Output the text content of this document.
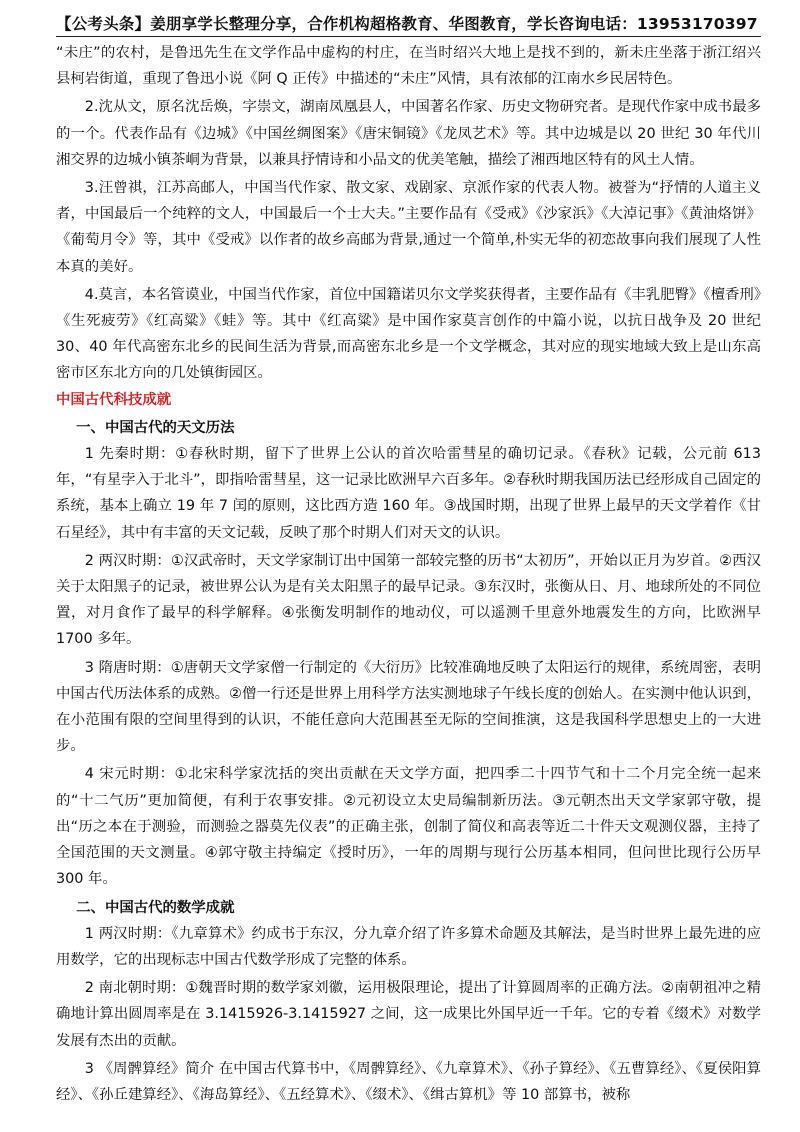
【公考头条】姜朋享学长整理分享，合作机构超格教育、华图教育，学长咨询电话：13953170397

“未庄”的农村，是鲁迅先生在文学作品中虚构的村庄，在当时绍兴大地上是找不到的，新未庄坐落于浙江绍兴县柯岩街道，重现了鲁迅小说《阿 Q 正传》中描述的“未庄”风情，具有浓郁的江南水乡民居特色。

2.沈从文，原名沈岳焕，字崇文，湖南凤凰县人，中国著名作家、历史文物研究者。是现代作家中成书最多的一个。代表作品有《边城》《中国丝绸图案》《唐宋铜镜》《龙凤艺术》等。其中边城是以 20 世纪 30 年代川湘交界的边城小镇茶峒为背景，以兼具抒情诗和小品文的优美笔触，描绘了湘西地区特有的风土人情。

3.汪曾祺，江苏高邮人，中国当代作家、散文家、戏剧家、京派作家的代表人物。被誉为“抒情的人道主义者，中国最后一个纯粹的文人，中国最后一个士大夫。”主要作品有《受戒》《沙家浜》《大淖记事》《黄油烙饼》《葡萄月令》等，其中《受戒》以作者的故乡高邮为背景,通过一个简单,朴实无华的初恋故事向我们展现了人性本真的美好。

4.莫言，本名管谟业，中国当代作家，首位中国籍诺贝尔文学奖获得者，主要作品有《丰乳肥臀》《檀香刑》《生死疲劳》《红高粱》《蛙》等。其中《红高粱》是中国作家莫言创作的中篇小说，以抗日战争及 20 世纪 30、40 年代高密东北乡的民间生活为背景,而高密东北乡是一个文学概念，其对应的现实地域大致上是山东高密市区东北方向的几处镇街园区。

中国古代科技成就

一、中国古代的天文历法

1 先秦时期：①春秋时期，留下了世界上公认的首次哈雷彗星的确切记录。《春秋》记载，公元前 613 年，“有星孛入于北斗”，即指哈雷彗星，这一记录比欧洲早六百多年。②春秋时期我国历法已经形成自己固定的系统，基本上确立 19 年 7 闰的原则，这比西方造 160 年。③战国时期，出现了世界上最早的天文学着作《甘石星经》，其中有丰富的天文记载，反映了那个时期人们对天文的认识。

2 两汉时期：①汉武帝时，天文学家制订出中国第一部较完整的历书“太初历”，开始以正月为岁首。②西汉关于太阳黑子的记录，被世界公认为是有关太阳黑子的最早记录。③东汉时，张衡从日、月、地球所处的不同位置，对月食作了最早的科学解释。④张衡发明制作的地动仪，可以遥测千里意外地震发生的方向，比欧洲早 1700 多年。

3 隋唐时期：①唐朝天文学家僧一行制定的《大衍历》比较准确地反映了太阳运行的规律，系统周密，表明中国古代历法体系的成熟。②僧一行还是世界上用科学方法实测地球子午线长度的创始人。在实测中他认识到，在小范围有限的空间里得到的认识，不能任意向大范围甚至无际的空间推演，这是我国科学思想史上的一大进步。

4 宋元时期：①北宋科学家沈括的突出贡献在天文学方面，把四季二十四节气和十二个月完全统一起来的“十二气历”更加简便，有利于农事安排。②元初设立太史局编制新历法。③元朝杰出天文学家郭守敬，提出“历之本在于测验，而测验之器莫先仪表”的正确主张，创制了简仪和高表等近二十件天文观测仪器，主持了全国范围的天文测量。④郭守敬主持编定《授时历》，一年的周期与现行公历基本相同，但问世比现行公历早 300 年。

二、中国古代的数学成就

1 两汉时期：《九章算术》约成书于东汉，分九章介绍了许多算术命题及其解法，是当时世界上最先进的应用数学，它的出现标志中国古代数学形成了完整的体系。

2 南北朝时期：①魏晋时期的数学家刘徽，运用极限理论，提出了计算圆周率的正确方法。②南朝祖冲之精确地计算出圆周率是在 3.1415926-3.1415927 之间，这一成果比外国早近一千年。它的专着《缀术》对数学发展有杰出的贡献。

3 《周髀算经》简介 在中国古代算书中，《周髀算经》、《九章算术》、《孙子算经》、《五曹算经》、《夏侯阳算经》、《孙丘建算经》、《海岛算经》、《五经算术》、《缀术》、《缉古算机》等 10 部算书，被称
